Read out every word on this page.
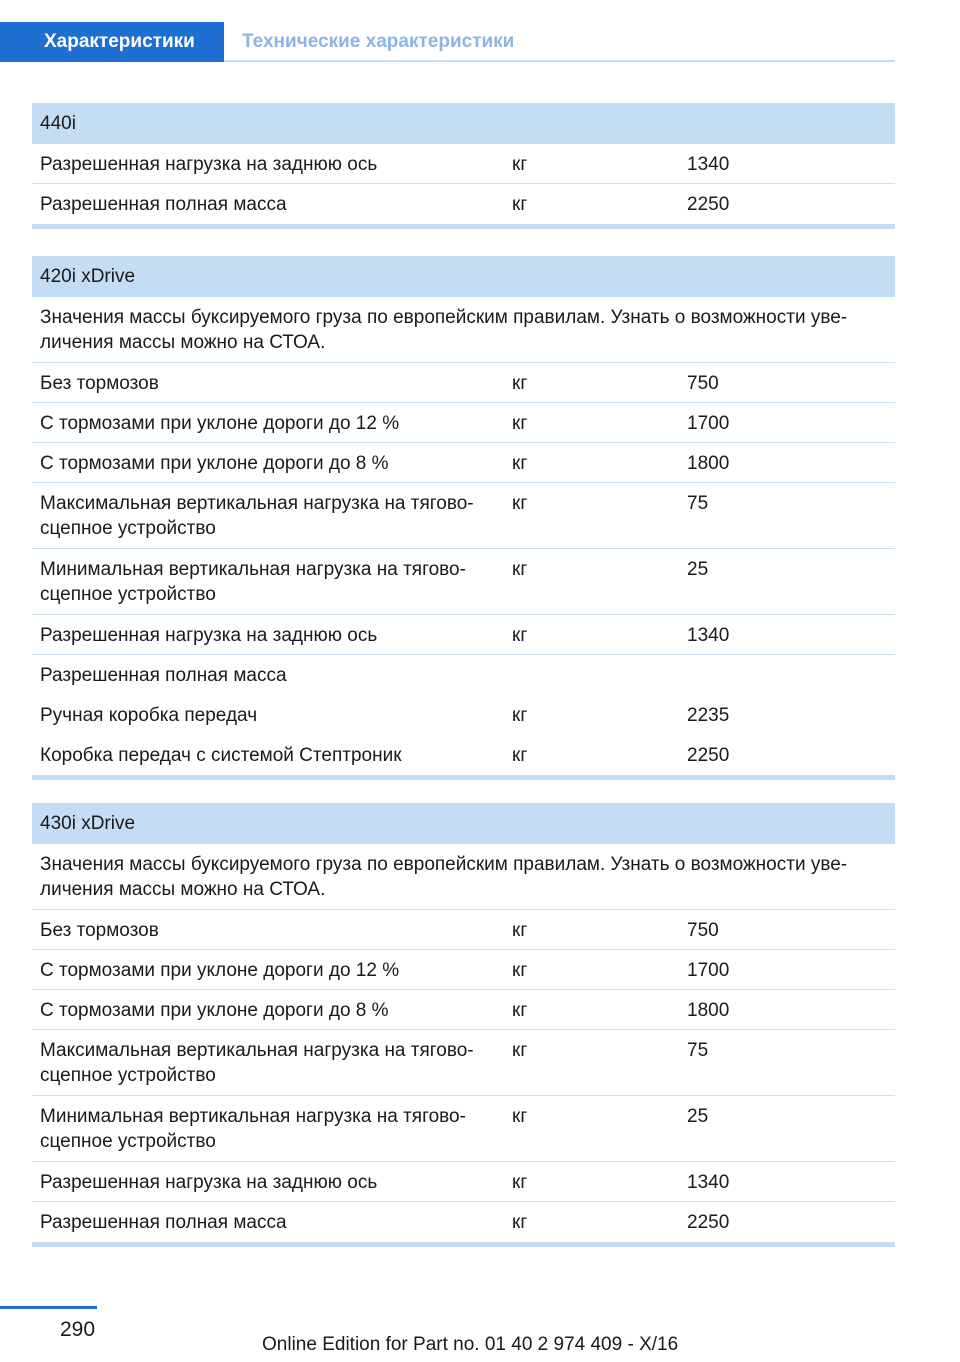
Характеристики	Технические характеристики
440i
Разрешенная нагрузка на заднюю ось	кг	1340
Разрешенная полная масса	кг	2250
420i xDrive
Значения массы буксируемого груза по европейским правилам. Узнать о возможности уве‐
личения массы можно на СТОА.
Без тормозов	кг	750
С тормозами при уклоне дороги до 12 %	кг	1700
С тормозами при уклоне дороги до 8 %	кг	1800
Максимальная вертикальная нагрузка на тягово‐
сцепное устройство
кг	75
Минимальная вертикальная нагрузка на тягово‐
сцепное устройство
кг	25
Разрешенная нагрузка на заднюю ось	кг	1340
Разрешенная полная масса
Ручная коробка передач	кг	2235
Коробка передач с системой Стептроник	кг	2250
430i xDrive
Значения массы буксируемого груза по европейским правилам. Узнать о возможности уве‐
личения массы можно на СТОА.
Без тормозов	кг	750
С тормозами при уклоне дороги до 12 %	кг	1700
С тормозами при уклоне дороги до 8 %	кг	1800
Максимальная вертикальная нагрузка на тягово‐
сцепное устройство
кг	75
Минимальная вертикальная нагрузка на тягово‐
сцепное устройство
кг	25
Разрешенная нагрузка на заднюю ось	кг	1340
Разрешенная полная масса	кг	2250
290
Online Edition for Part no. 01 40 2 974 409 - X/16
